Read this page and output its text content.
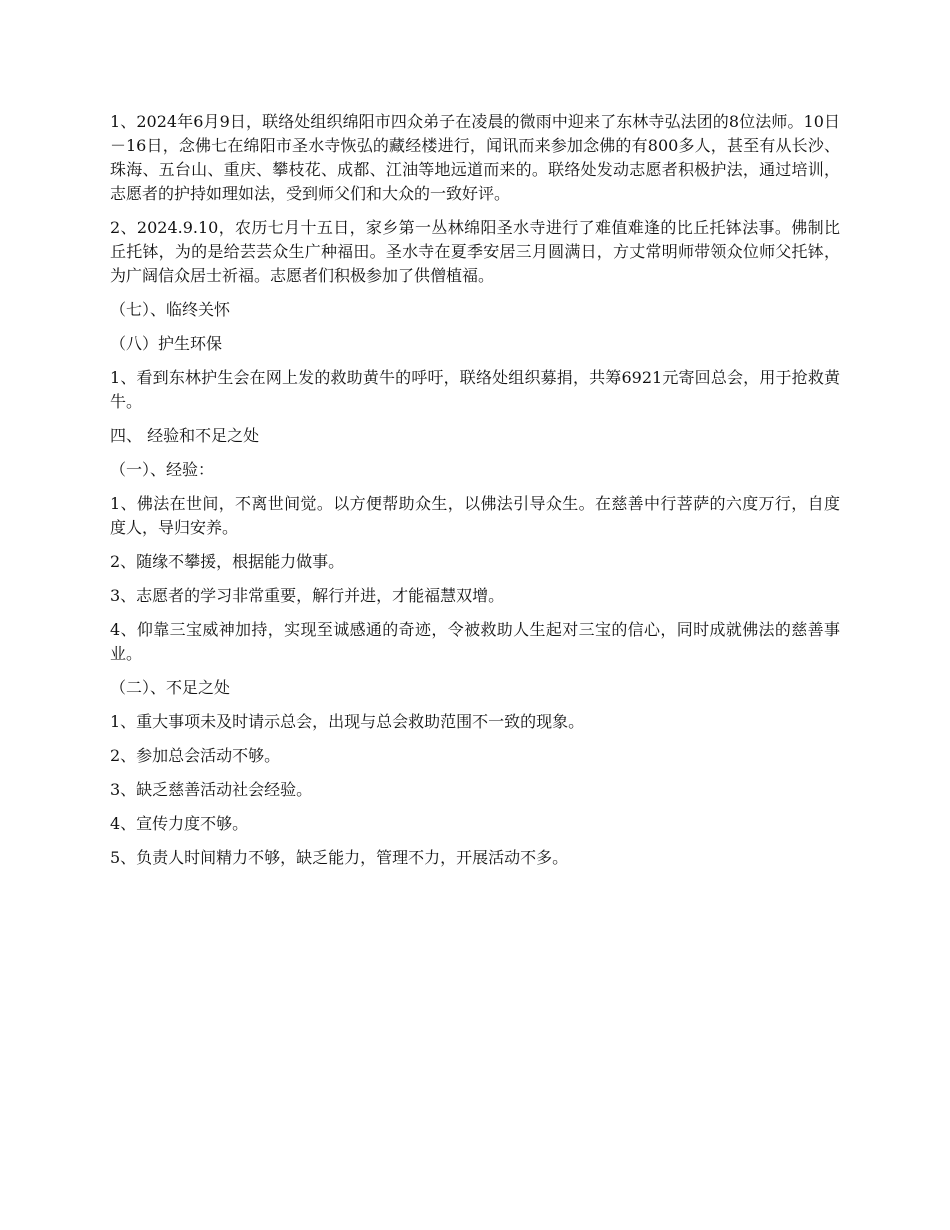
1、2024年6月9日，联络处组织绵阳市四众弟子在凌晨的微雨中迎来了东林寺弘法团的8位法师。10日－16日，念佛七在绵阳市圣水寺恢弘的藏经楼进行，闻讯而来参加念佛的有800多人，甚至有从长沙、珠海、五台山、重庆、攀枝花、成都、江油等地远道而来的。联络处发动志愿者积极护法，通过培训，志愿者的护持如理如法，受到师父们和大众的一致好评。

2、2024.9.10，农历七月十五日，家乡第一丛林绵阳圣水寺进行了难值难逢的比丘托钵法事。佛制比丘托钵，为的是给芸芸众生广种福田。圣水寺在夏季安居三月圆满日，方丈常明师带领众位师父托钵，为广阔信众居士祈福。志愿者们积极参加了供僧植福。

（七）、临终关怀

（八）护生环保

1、看到东林护生会在网上发的救助黄牛的呼吁，联络处组织募捐，共筹6921元寄回总会，用于抢救黄牛。

四、 经验和不足之处

（一）、经验：

1、佛法在世间，不离世间觉。以方便帮助众生，以佛法引导众生。在慈善中行菩萨的六度万行，自度度人，导归安养。

2、随缘不攀援，根据能力做事。

3、志愿者的学习非常重要，解行并进，才能福慧双增。

4、仰靠三宝威神加持，实现至诚感通的奇迹，令被救助人生起对三宝的信心，同时成就佛法的慈善事业。

（二）、不足之处

1、重大事项未及时请示总会，出现与总会救助范围不一致的现象。

2、参加总会活动不够。

3、缺乏慈善活动社会经验。

4、宣传力度不够。

5、负责人时间精力不够，缺乏能力，管理不力，开展活动不多。
